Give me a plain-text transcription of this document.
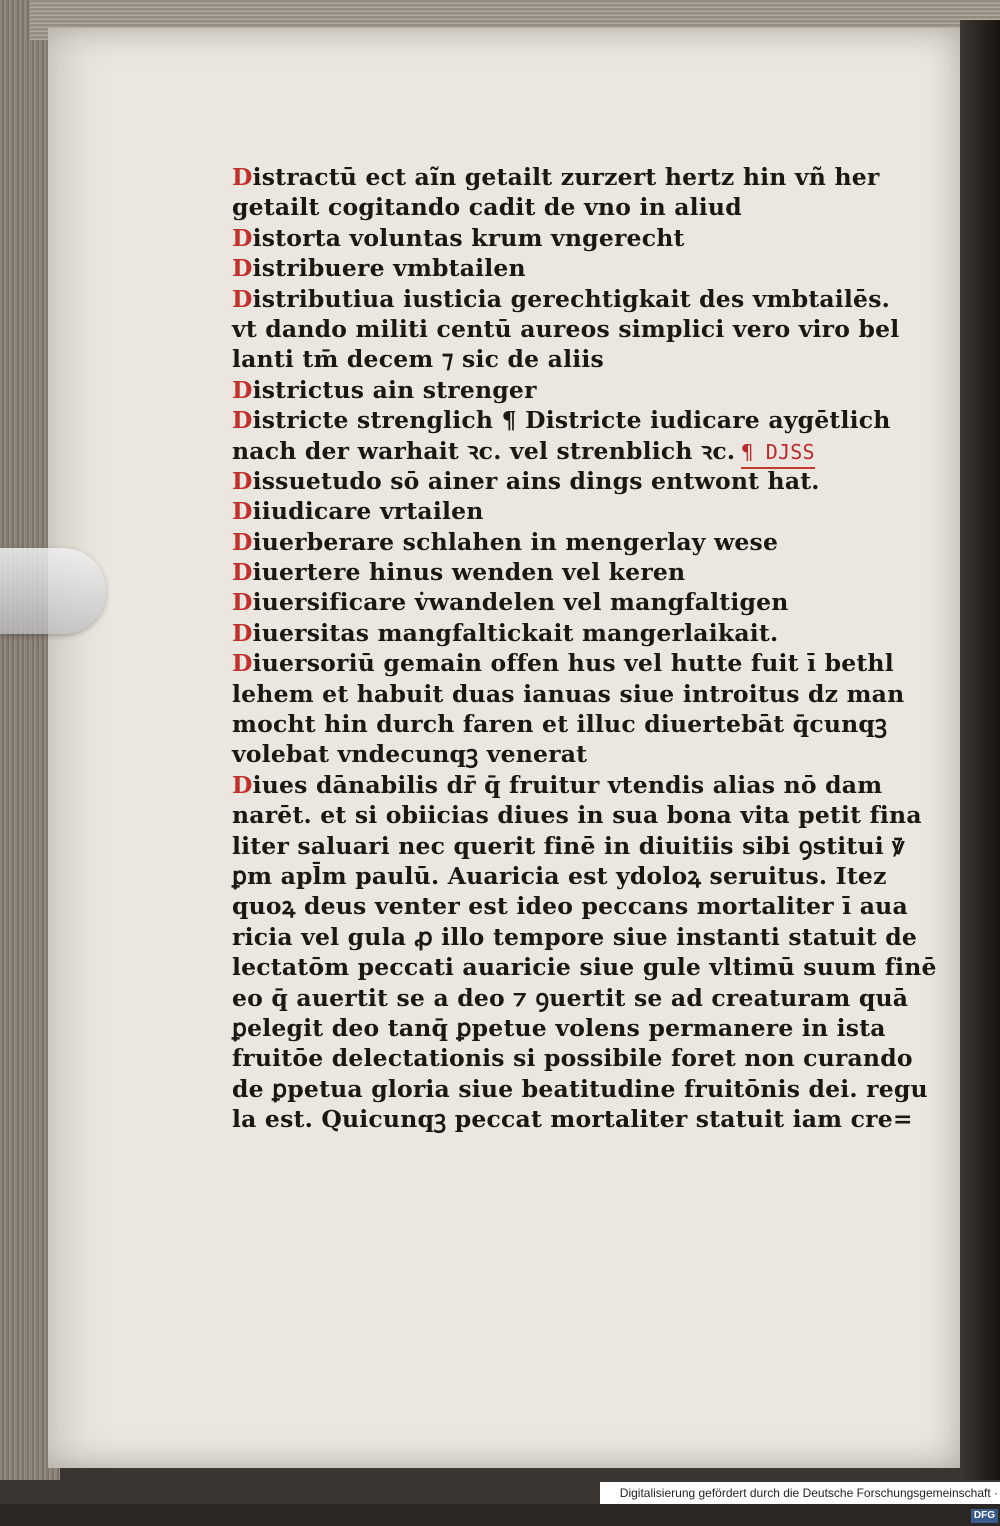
Distractū ect aĩn getailt zurzert hertz hin vñ her
getailt cogitando cadit de vno in aliud
Distorta voluntas krum vngerecht
Distribuere vmbtailen
Distributiua iusticia gerechtigkait des vmbtailēs.
vt dando militi centū aureos simplici vero viro bel
lanti tm̄ decem ⁊ sic de aliis
Districtus ain strenger
Districte strenglich ¶ Districte iudicare aygētlich
nach der warhait ꝛc. vel strenblich ꝛc. ¶ DJSS
Dissuetudo sō ainer ains dings entwont hat.
Diiudicare vrtailen
Diuerberare schlahen in mengerlay wese
Diuertere hinus wenden vel keren
Diuersificare v̇wandelen vel mangfaltigen
Diuersitas mangfaltickait mangerlaikait.
Diuersoriū gemain offen hus vel hutte fuit ī bethl
lehem et habuit duas ianuas siue introitus dz man
mocht hin durch faren et illuc diuertebāt q̄cunqꝫ
volebat vndecunqꝫ venerat
Diues dānabilis dr̄ q̄ fruitur vtendis alias nō dam
narēt. et si obiicias diues in sua bona vita petit fina
liter saluari nec querit finē in diuitiis sibi ꝯstitui ꝟ̄
ꝑm apl̄m paulū. Auaricia est ydoloꝝ seruitus. Itez
quoꝝ deus venter est ideo peccans mortaliter ī aua
ricia vel gula ꝓ illo tempore siue instanti statuit de
lectatōm peccati auaricie siue gule vltimū suum finē
eo q̄ auertit se a deo ⁊ ꝯuertit se ad creaturam quā
ꝑelegit deo tanq̄ ꝑpetue volens permanere in ista
fruitōe delectationis si possibile foret non curando
de ꝑpetua gloria siue beatitudine fruitōnis dei. regu
la est. Quicunqꝫ peccat mortaliter statuit iam cre=
Digitalisierung gefördert durch die Deutsche Forschungsgemeinschaft · DFG
